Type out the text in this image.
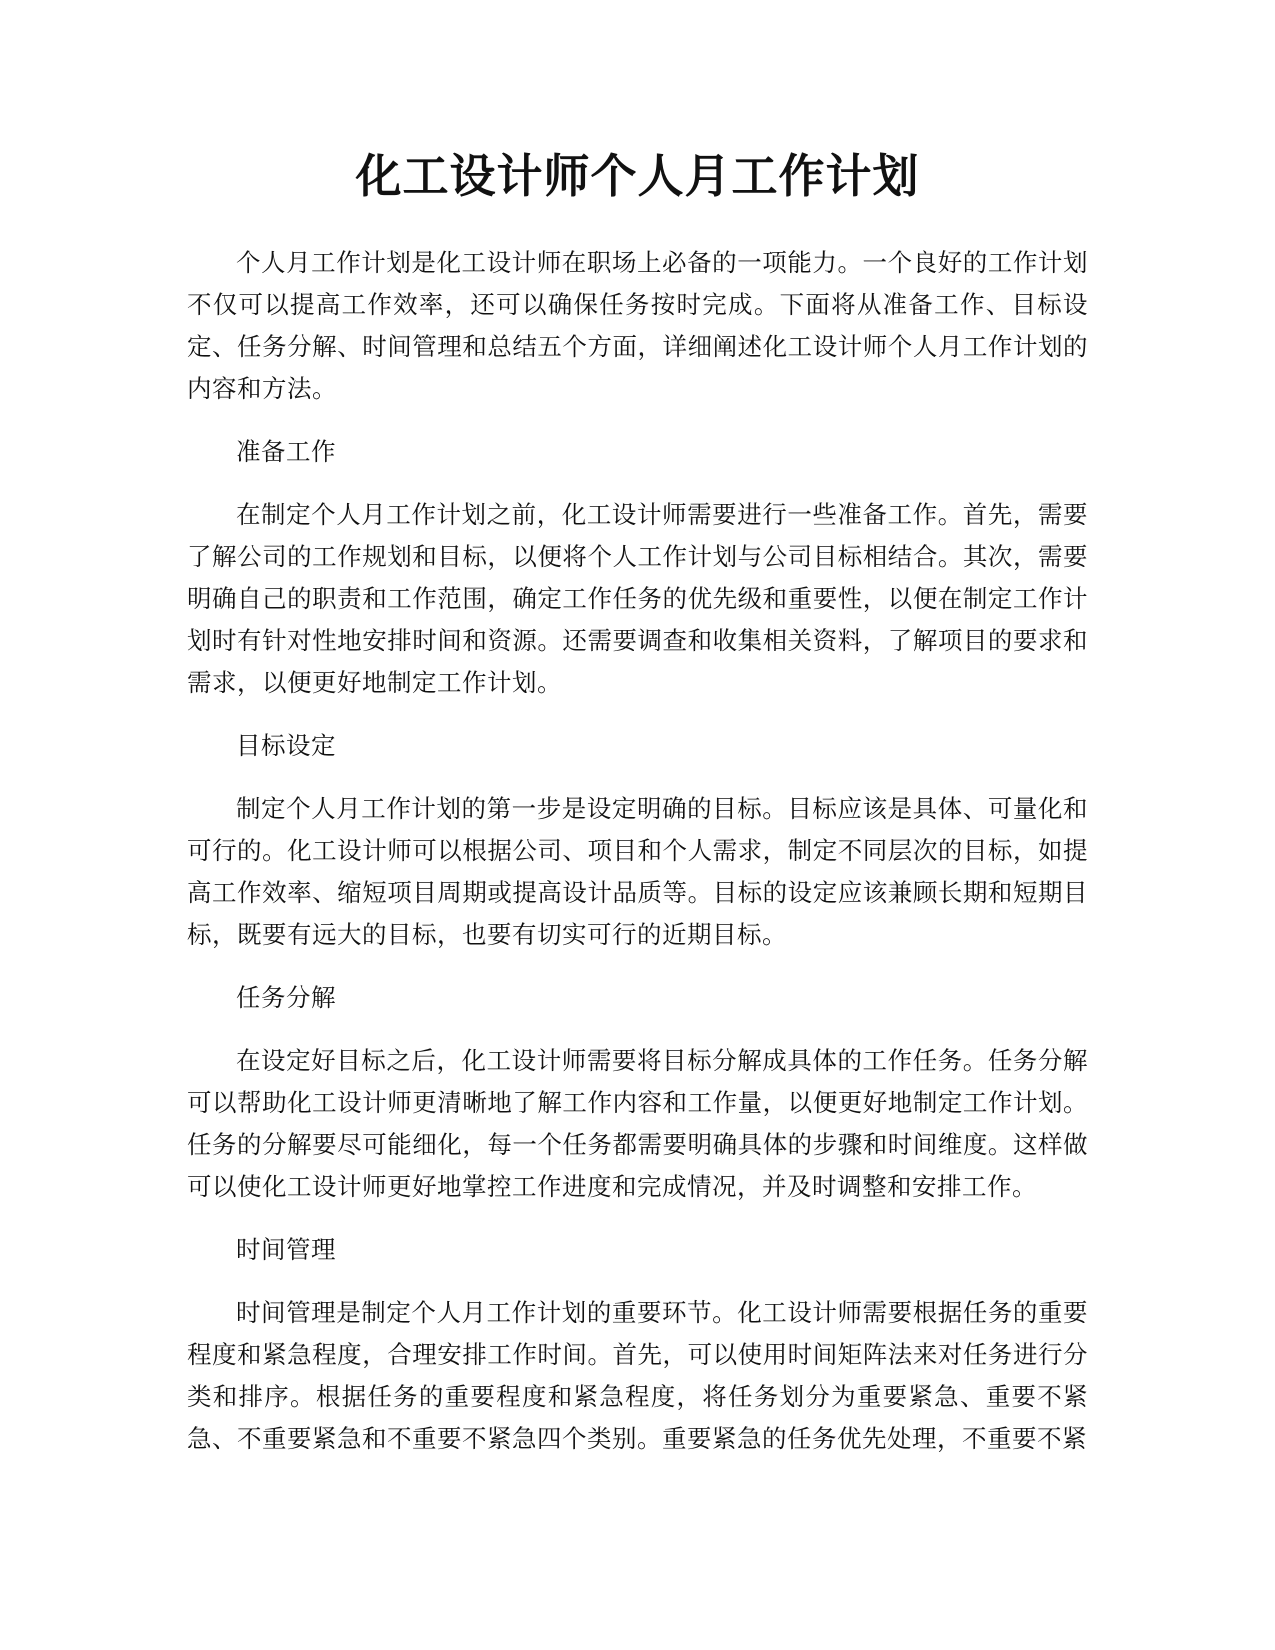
化工设计师个人月工作计划

个人月工作计划是化工设计师在职场上必备的一项能力。一个良好的工作计划不仅可以提高工作效率，还可以确保任务按时完成。下面将从准备工作、目标设定、任务分解、时间管理和总结五个方面，详细阐述化工设计师个人月工作计划的内容和方法。

准备工作

在制定个人月工作计划之前，化工设计师需要进行一些准备工作。首先，需要了解公司的工作规划和目标，以便将个人工作计划与公司目标相结合。其次，需要明确自己的职责和工作范围，确定工作任务的优先级和重要性，以便在制定工作计划时有针对性地安排时间和资源。还需要调查和收集相关资料，了解项目的要求和需求，以便更好地制定工作计划。

目标设定

制定个人月工作计划的第一步是设定明确的目标。目标应该是具体、可量化和可行的。化工设计师可以根据公司、项目和个人需求，制定不同层次的目标，如提高工作效率、缩短项目周期或提高设计品质等。目标的设定应该兼顾长期和短期目标，既要有远大的目标，也要有切实可行的近期目标。

任务分解

在设定好目标之后，化工设计师需要将目标分解成具体的工作任务。任务分解可以帮助化工设计师更清晰地了解工作内容和工作量，以便更好地制定工作计划。任务的分解要尽可能细化，每一个任务都需要明确具体的步骤和时间维度。这样做可以使化工设计师更好地掌控工作进度和完成情况，并及时调整和安排工作。

时间管理

时间管理是制定个人月工作计划的重要环节。化工设计师需要根据任务的重要程度和紧急程度，合理安排工作时间。首先，可以使用时间矩阵法来对任务进行分类和排序。根据任务的重要程度和紧急程度，将任务划分为重要紧急、重要不紧急、不重要紧急和不重要不紧急四个类别。重要紧急的任务优先处理，不重要不紧
